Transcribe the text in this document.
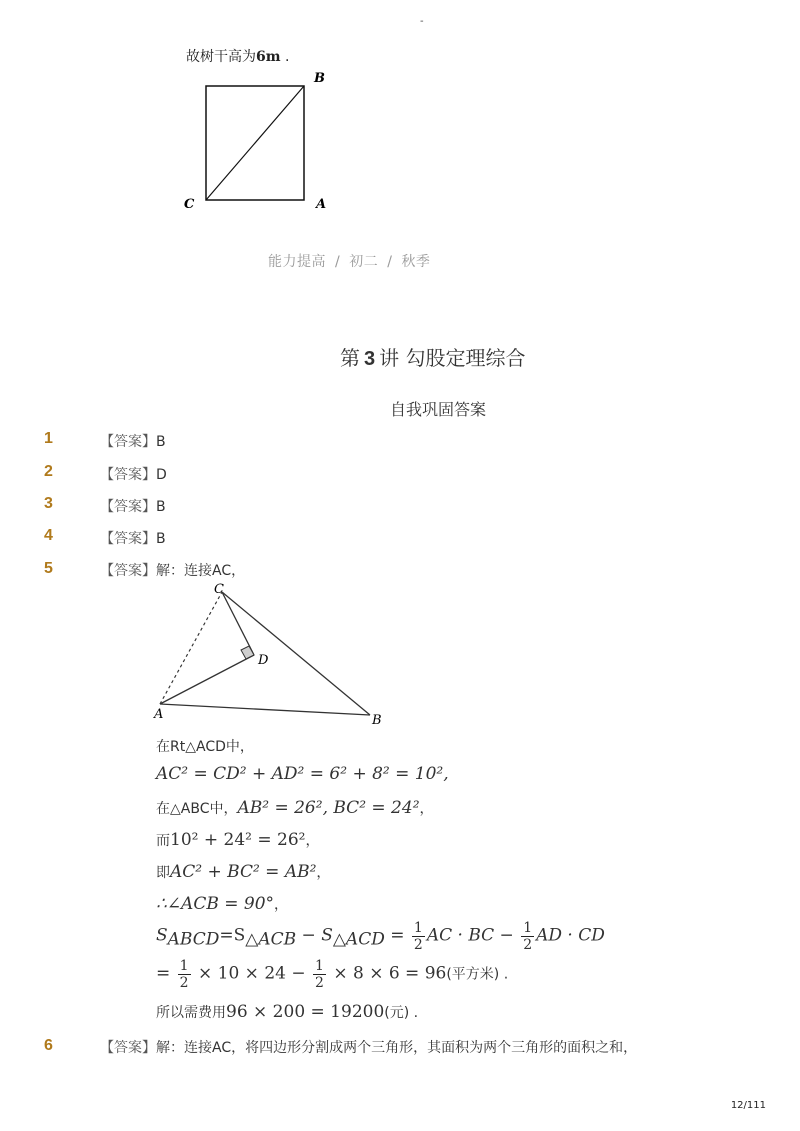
-
故树干高为6m .
B
C	A
能力提高 / 初二 / 秋季
第 3 讲 勾股定理综合
自我巩固答案
1	【答案】B
2	【答案】D
3	【答案】B
4	【答案】B
5	【答案】解：连接AC，
C
D
A	B
在Rt△ACD中，
AC² = CD² + AD² = 6² + 8² = 10²,
在△ABC中，AB² = 26², BC² = 24²，
而10² + 24² = 26²，
即AC² + BC² = AB²，
∴∠ACB = 90°，
$S_{ABCD}=S_{\triangle ACB} - S_{\triangle ACD} = \frac{1}{2}$ AC · BC − $\frac{1}{2}$ AD · CD
= $\frac{1}{2} \times 10 \times 24 - \frac{1}{2} \times 8 \times 6 = 96$(平方米) .
所以需费用96 × 200 = 19200(元) .
6	【答案】解：连接AC，将四边形分割成两个三角形，其面积为两个三角形的面积之和，
12/111
